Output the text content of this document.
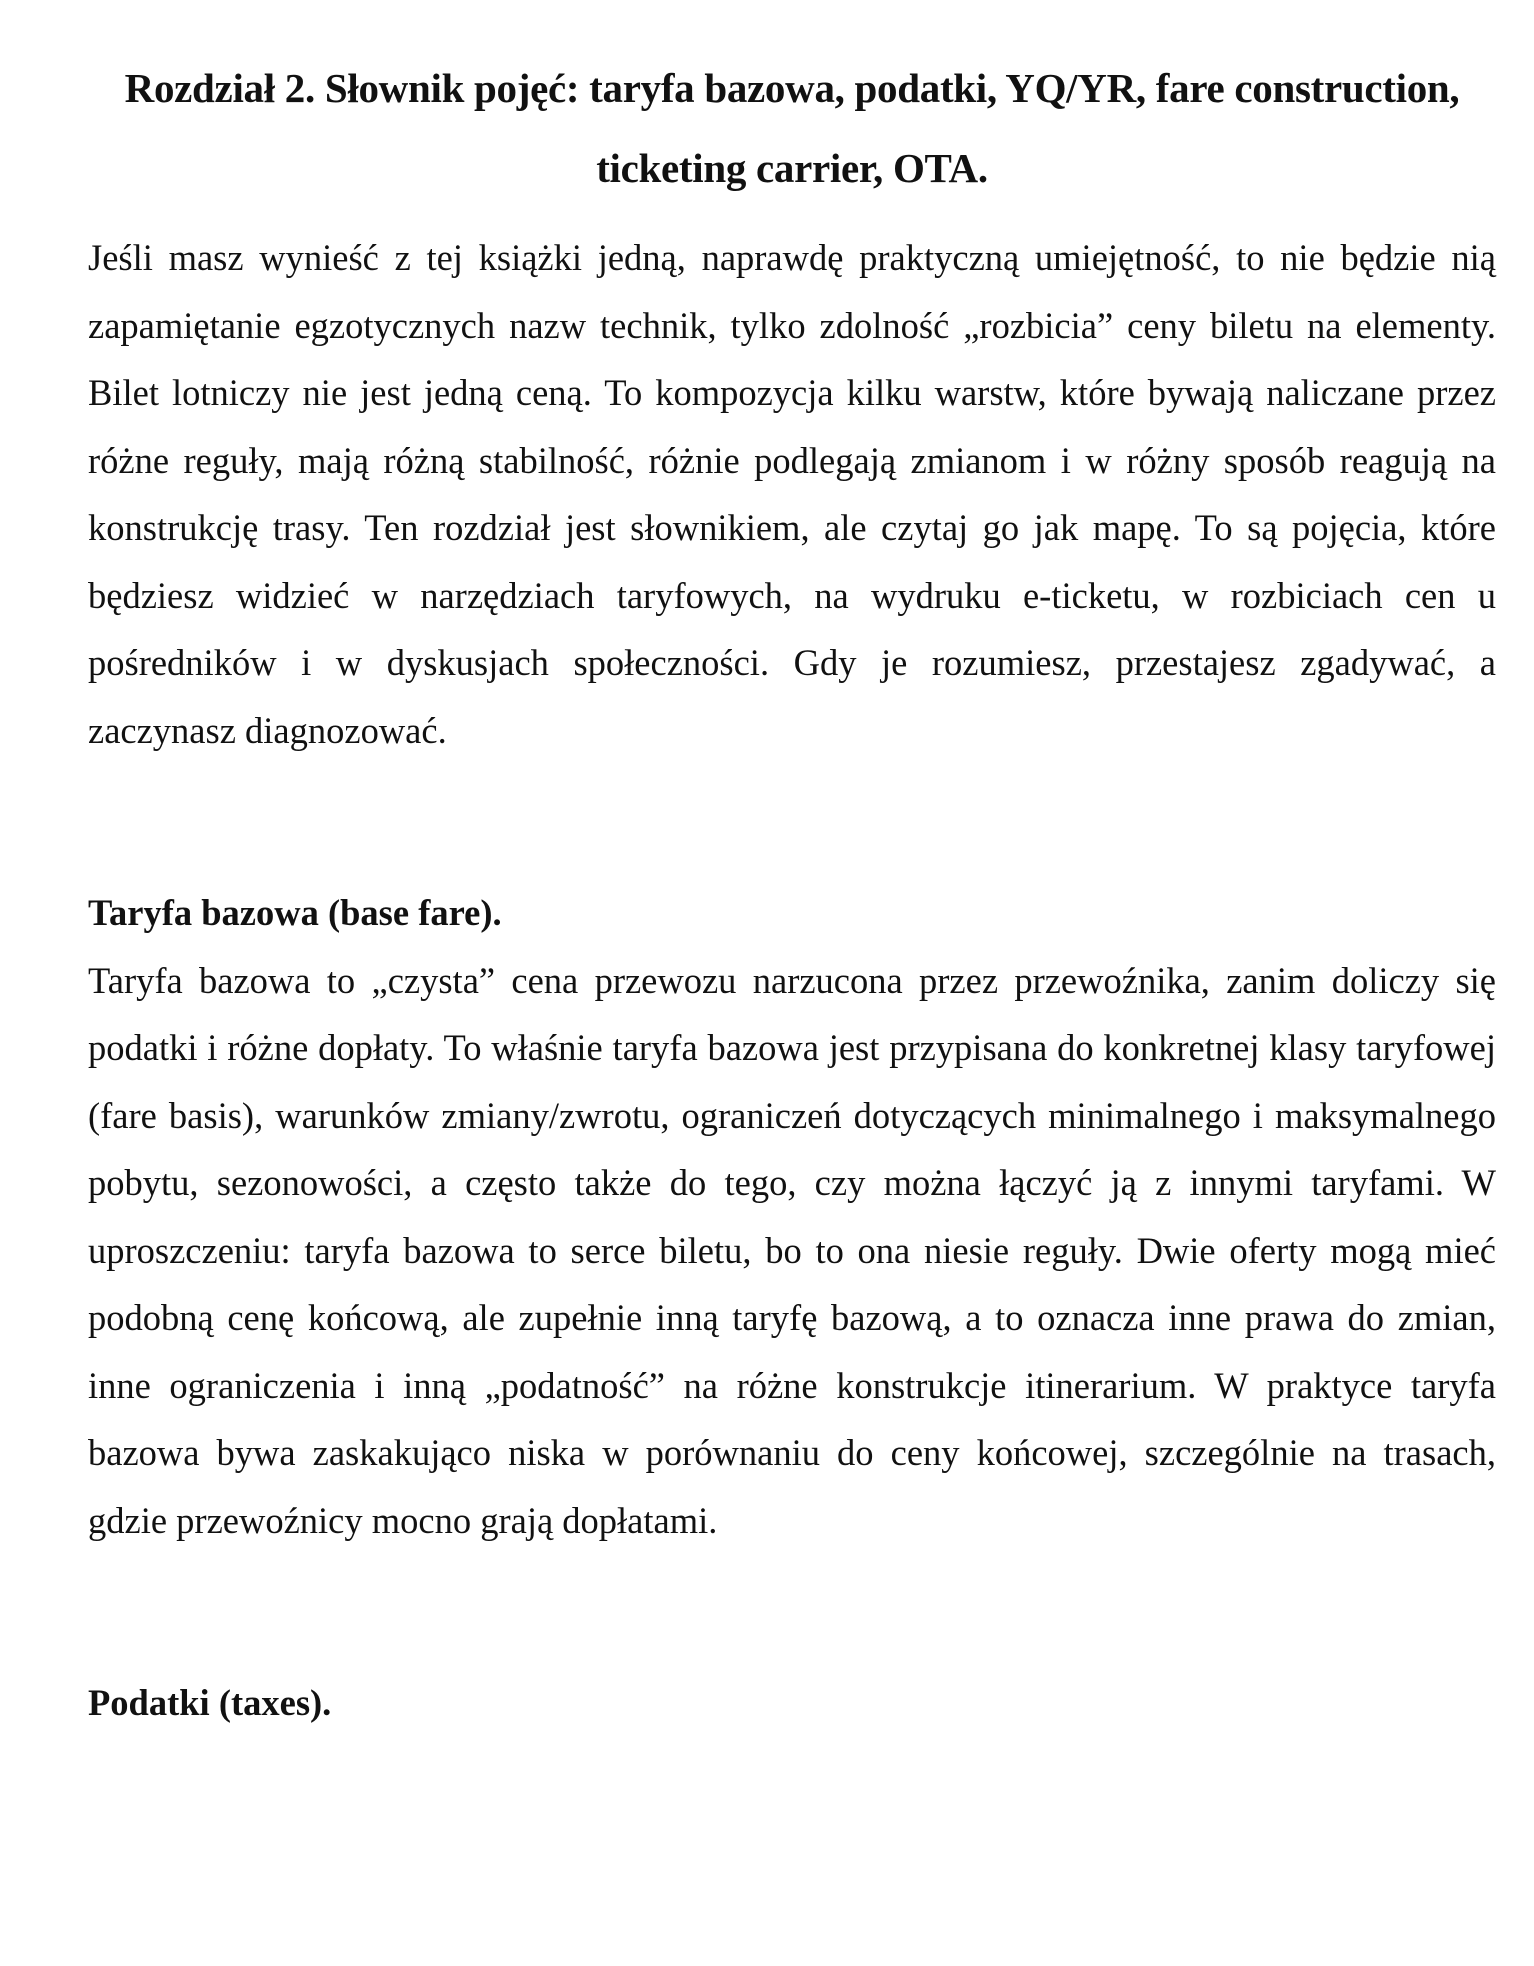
Rozdział 2. Słownik pojęć: taryfa bazowa, podatki, YQ/YR, fare construction, ticketing carrier, OTA.

Jeśli masz wynieść z tej książki jedną, naprawdę praktyczną umiejętność, to nie będzie nią zapamiętanie egzotycznych nazw technik, tylko zdolność „rozbicia” ceny biletu na elementy. Bilet lotniczy nie jest jedną ceną. To kompozycja kilku warstw, które bywają naliczane przez różne reguły, mają różną stabilność, różnie podlegają zmianom i w różny sposób reagują na konstrukcję trasy. Ten rozdział jest słownikiem, ale czytaj go jak mapę. To są pojęcia, które będziesz widzieć w narzędziach taryfowych, na wydruku e-ticketu, w rozbiciach cen u pośredników i w dyskusjach społeczności. Gdy je rozumiesz, przestajesz zgadywać, a zaczynasz diagnozować.

Taryfa bazowa (base fare).

Taryfa bazowa to „czysta” cena przewozu narzucona przez przewoźnika, zanim doliczy się podatki i różne dopłaty. To właśnie taryfa bazowa jest przypisana do konkretnej klasy taryfowej (fare basis), warunków zmiany/zwrotu, ograniczeń dotyczących minimalnego i maksymalnego pobytu, sezonowości, a często także do tego, czy można łączyć ją z innymi taryfami. W uproszczeniu: taryfa bazowa to serce biletu, bo to ona niesie reguły. Dwie oferty mogą mieć podobną cenę końcową, ale zupełnie inną taryfę bazową, a to oznacza inne prawa do zmian, inne ograniczenia i inną „podatność” na różne konstrukcje itinerarium. W praktyce taryfa bazowa bywa zaskakująco niska w porównaniu do ceny końcowej, szczególnie na trasach, gdzie przewoźnicy mocno grają dopłatami.

Podatki (taxes).
